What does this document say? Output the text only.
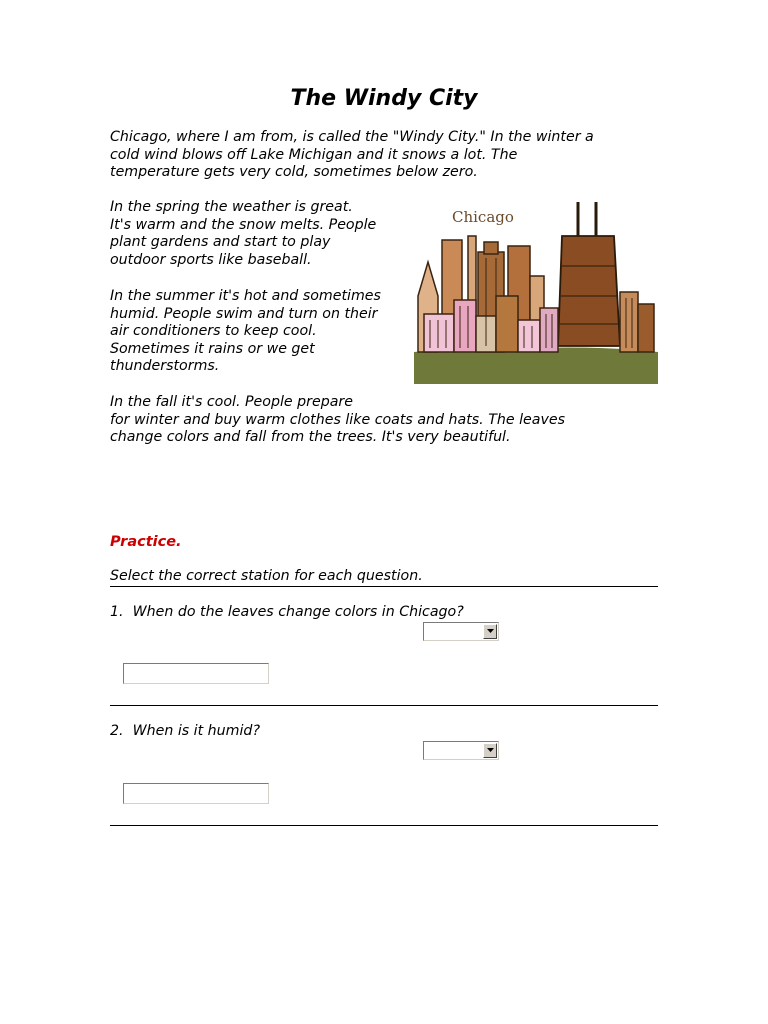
The Windy City

Chicago, where I am from, is called the "Windy City." In the winter a
cold wind blows off Lake Michigan and it snows a lot. The
temperature gets very cold, sometimes below zero.

In the spring the weather is great.
It's warm and the snow melts. People
plant gardens and start to play
outdoor sports like baseball.

In the summer it's hot and sometimes
humid. People swim and turn on their
air conditioners to keep cool.
Sometimes it rains or we get
thunderstorms.

In the fall it's cool. People prepare
for winter and buy warm clothes like coats and hats. The leaves
change colors and fall from the trees. It's very beautiful.

Chicago
Practice.
Select the correct station for each question.
1. When do the leaves change colors in Chicago?
2. When is it humid?
